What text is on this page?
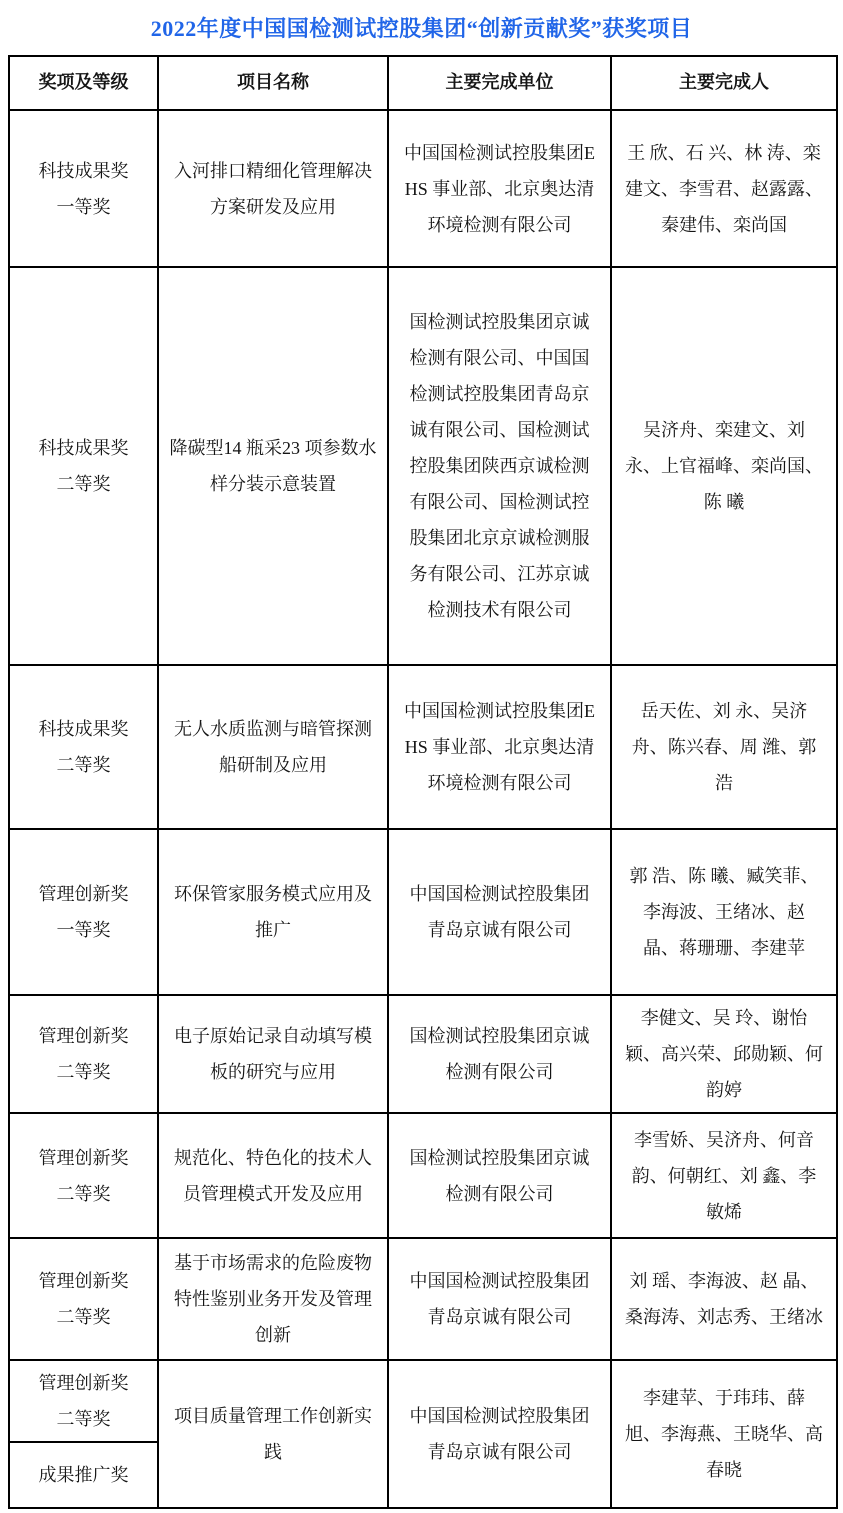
2022年度中国国检测试控股集团“创新贡献奖”获奖项目
奖项及等级	项目名称	主要完成单位	主要完成人

科技成果奖
一等奖	入河排口精细化管理解决方案研发及应用	中国国检测试控股集团EHS 事业部、北京奥达清环境检测有限公司	王 欣、石 兴、林 涛、栾建文、李雪君、赵露露、秦建伟、栾尚国

科技成果奖
二等奖	降碳型14 瓶采23 项参数水样分装示意装置	国检测试控股集团京诚检测有限公司、中国国检测试控股集团青岛京诚有限公司、国检测试控股集团陕西京诚检测有限公司、国检测试控股集团北京京诚检测服务有限公司、江苏京诚检测技术有限公司	吴济舟、栾建文、刘 永、上官福峰、栾尚国、陈 曦

科技成果奖
二等奖	无人水质监测与暗管探测船研制及应用	中国国检测试控股集团EHS 事业部、北京奥达清环境检测有限公司	岳天佐、刘 永、吴济舟、陈兴春、周 潍、郭 浩

管理创新奖
一等奖	环保管家服务模式应用及推广	中国国检测试控股集团青岛京诚有限公司	郭 浩、陈 曦、臧笑菲、李海波、王绪冰、赵 晶、蒋珊珊、李建苹

管理创新奖
二等奖	电子原始记录自动填写模板的研究与应用	国检测试控股集团京诚检测有限公司	李健文、吴 玲、谢怡颖、高兴荣、邱勋颖、何韵婷

管理创新奖
二等奖	规范化、特色化的技术人员管理模式开发及应用	国检测试控股集团京诚检测有限公司	李雪娇、吴济舟、何音韵、何朝红、刘 鑫、李敏烯

管理创新奖
二等奖	基于市场需求的危险废物特性鉴别业务开发及管理创新	中国国检测试控股集团青岛京诚有限公司	刘 瑶、李海波、赵 晶、桑海涛、刘志秀、王绪冰

管理创新奖
二等奖	项目质量管理工作创新实践	中国国检测试控股集团青岛京诚有限公司	李建苹、于玮玮、薛 旭、李海燕、王晓华、高春晓

成果推广奖			
